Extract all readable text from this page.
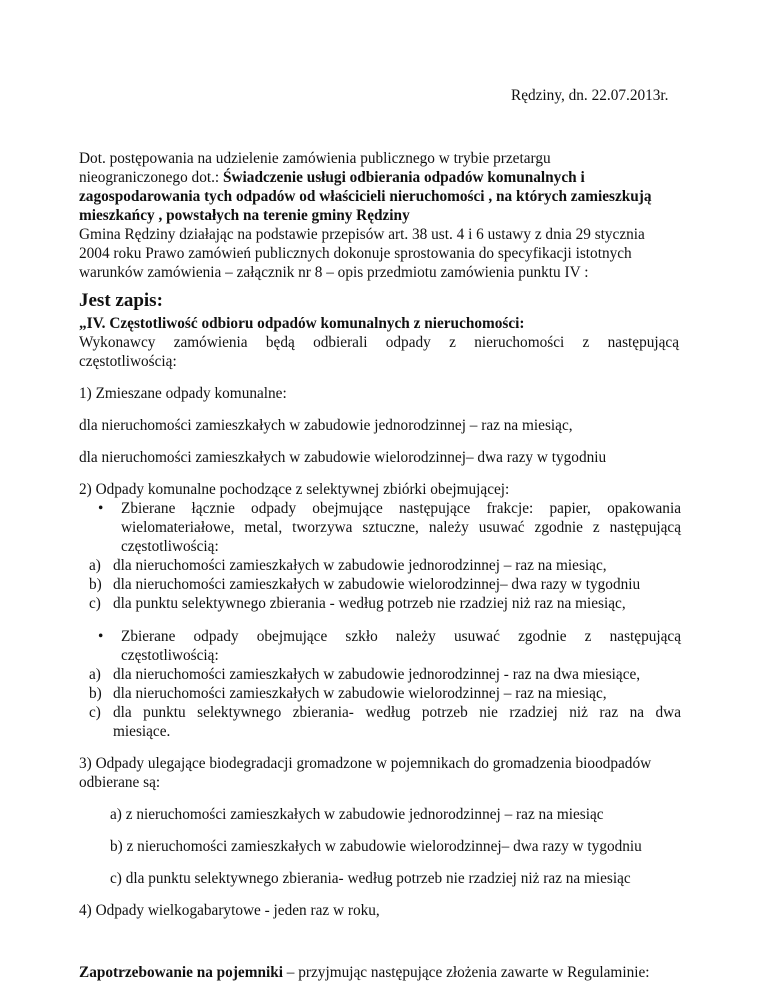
Rędziny, dn. 22.07.2013r.
Dot. postępowania na udzielenie zamówienia publicznego w trybie przetargu
nieograniczonego dot.: Świadczenie usługi odbierania odpadów komunalnych i
zagospodarowania tych odpadów od właścicieli nieruchomości , na których zamieszkują
mieszkańcy , powstałych na terenie gminy Rędziny
Gmina Rędziny działając na podstawie przepisów art. 38 ust. 4 i 6 ustawy z dnia 29 stycznia
2004 roku Prawo zamówień publicznych dokonuje sprostowania do specyfikacji istotnych
warunków zamówienia – załącznik nr 8 – opis przedmiotu zamówienia punktu IV :
Jest zapis:
„IV. Częstotliwość odbioru odpadów komunalnych z nieruchomości:
Wykonawcy zamówienia będą odbierali odpady z nieruchomości z następującą
częstotliwością:
1) Zmieszane odpady komunalne:
dla nieruchomości zamieszkałych w zabudowie jednorodzinnej – raz na miesiąc,
dla nieruchomości zamieszkałych w zabudowie wielorodzinnej– dwa razy w tygodniu
2) Odpady komunalne pochodzące z selektywnej zbiórki obejmującej:
• Zbierane łącznie odpady obejmujące następujące frakcje: papier, opakowania
wielomateriałowe, metal, tworzywa sztuczne, należy usuwać zgodnie z następującą
częstotliwością:
a) dla nieruchomości zamieszkałych w zabudowie jednorodzinnej – raz na miesiąc,
b) dla nieruchomości zamieszkałych w zabudowie wielorodzinnej– dwa razy w tygodniu
c) dla punktu selektywnego zbierania - według potrzeb nie rzadziej niż raz na miesiąc,
• Zbierane odpady obejmujące szkło należy usuwać zgodnie z następującą
częstotliwością:
a) dla nieruchomości zamieszkałych w zabudowie jednorodzinnej - raz na dwa miesiące,
b) dla nieruchomości zamieszkałych w zabudowie wielorodzinnej – raz na miesiąc,
c) dla punktu selektywnego zbierania- według potrzeb nie rzadziej niż raz na dwa
miesiące.
3) Odpady ulegające biodegradacji gromadzone w pojemnikach do gromadzenia bioodpadów
odbierane są:
a) z nieruchomości zamieszkałych w zabudowie jednorodzinnej – raz na miesiąc
b) z nieruchomości zamieszkałych w zabudowie wielorodzinnej– dwa razy w tygodniu
c) dla punktu selektywnego zbierania- według potrzeb nie rzadziej niż raz na miesiąc
4) Odpady wielkogabarytowe - jeden raz w roku,
Zapotrzebowanie na pojemniki – przyjmując następujące złożenia zawarte w Regulaminie:
